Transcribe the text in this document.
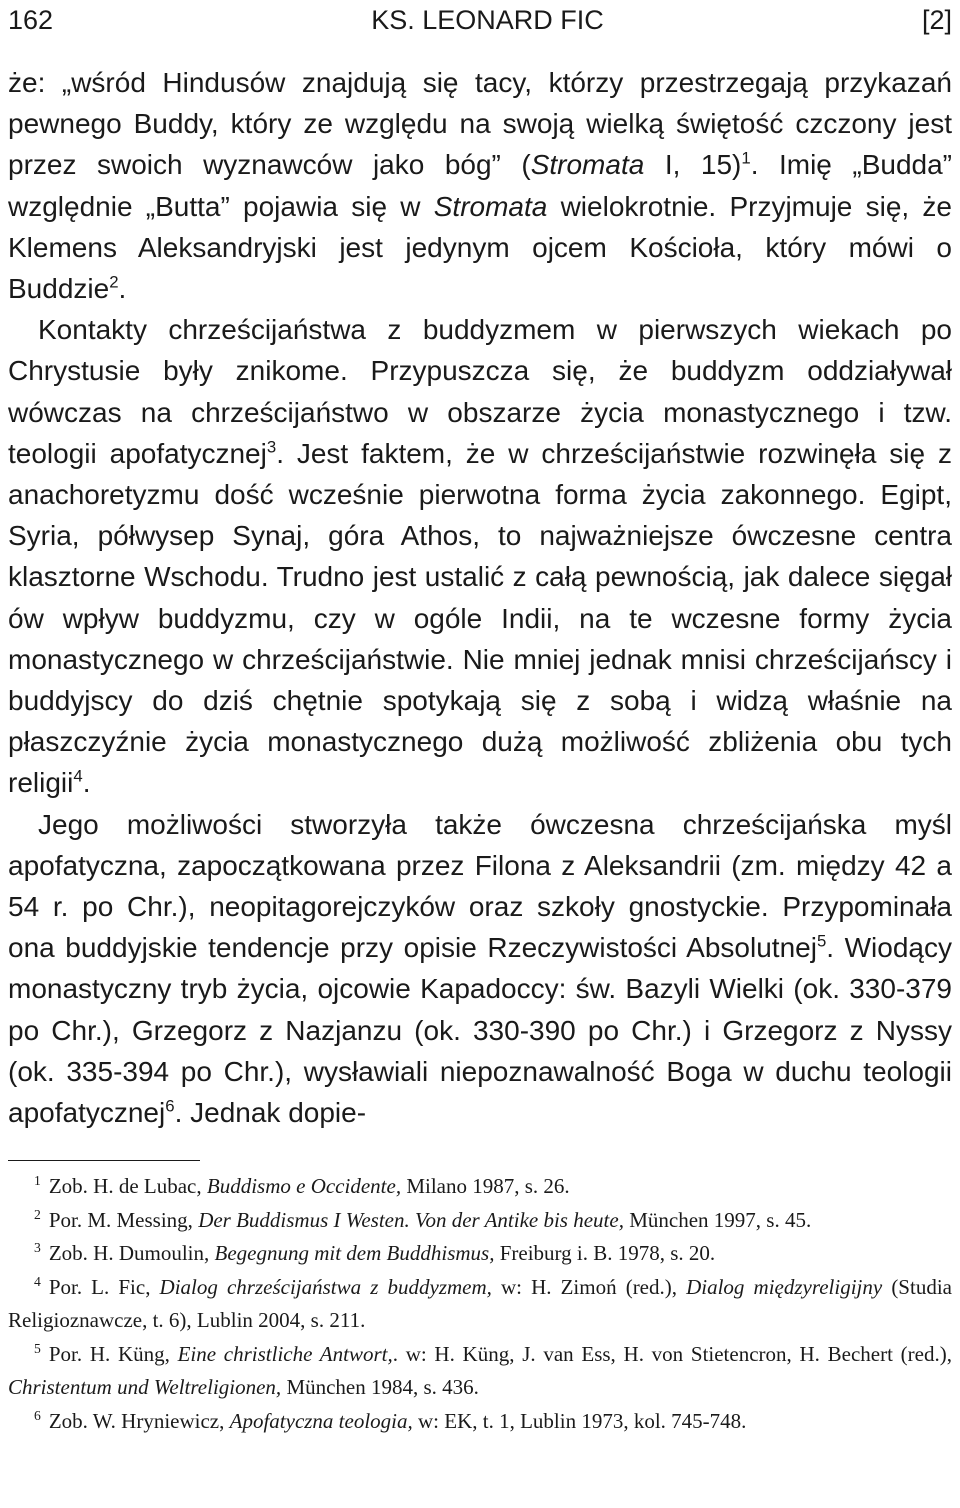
162	KS. LEONARD FIC	[2]

że: „wśród Hindusów znajdują się tacy, którzy przestrzegają przykazań pewnego Buddy, który ze względu na swoją wielką świętość czczony jest przez swoich wyznawców jako bóg” (Stromata I, 15)$^1$. Imię „Budda” względnie „Butta” pojawia się w Stromata wielokrotnie. Przyjmuje się, że Klemens Aleksandryjski jest jedynym ojcem Kościoła, który mówi o Buddzie$^2$.

Kontakty chrześcijaństwa z buddyzmem w pierwszych wiekach po Chrystusie były znikome. Przypuszcza się, że buddyzm oddziaływał wówczas na chrześcijaństwo w obszarze życia monastycznego i tzw. teologii apofatycznej$^3$. Jest faktem, że w chrześcijaństwie rozwinęła się z anachoretyzmu dość wcześnie pierwotna forma życia zakonnego. Egipt, Syria, półwysep Synaj, góra Athos, to najważniejsze ówczesne centra klasztorne Wschodu. Trudno jest ustalić z całą pewnością, jak dalece sięgał ów wpływ buddyzmu, czy w ogóle Indii, na te wczesne formy życia monastycznego w chrześcijaństwie. Nie mniej jednak mnisi chrześcijańscy i buddyjscy do dziś chętnie spotykają się z sobą i widzą właśnie na płaszczyźnie życia monastycznego dużą możliwość zbliżenia obu tych religii$^4$.

Jego możliwości stworzyła także ówczesna chrześcijańska myśl apofatyczna, zapoczątkowana przez Filona z Aleksandrii (zm. między 42 a 54 r. po Chr.), neopitagorejczyków oraz szkoły gnostyckie. Przypominała ona buddyjskie tendencje przy opisie Rzeczywistości Absolutnej$^5$. Wiodący monastyczny tryb życia, ojcowie Kapadoccy: św. Bazyli Wielki (ok. 330-379 po Chr.), Grzegorz z Nazjanzu (ok. 330-390 po Chr.) i Grzegorz z Nyssy (ok. 335-394 po Chr.), wysławiali niepoznawalność Boga w duchu teologii apofatycznej$^6$. Jednak dopie-

$^1$ Zob. H. de Lubac, Buddismo e Occidente, Milano 1987, s. 26.

$^2$ Por. M. Messing, Der Buddismus I Westen. Von der Antike bis heute, München 1997, s. 45.

$^3$ Zob. H. Dumoulin, Begegnung mit dem Buddhismus, Freiburg i. B. 1978, s. 20.

$^4$ Por. L. Fic, Dialog chrześcijaństwa z buddyzmem, w: H. Zimoń (red.), Dialog międzyreligijny (Studia Religioznawcze, t. 6), Lublin 2004, s. 211.

$^5$ Por. H. Küng, Eine christliche Antwort,. w: H. Küng, J. van Ess, H. von Stietencron, H. Bechert (red.), Christentum und Weltreligionen, München 1984, s. 436.

$^6$ Zob. W. Hryniewicz, Apofatyczna teologia, w: EK, t. 1, Lublin 1973, kol. 745-748.
